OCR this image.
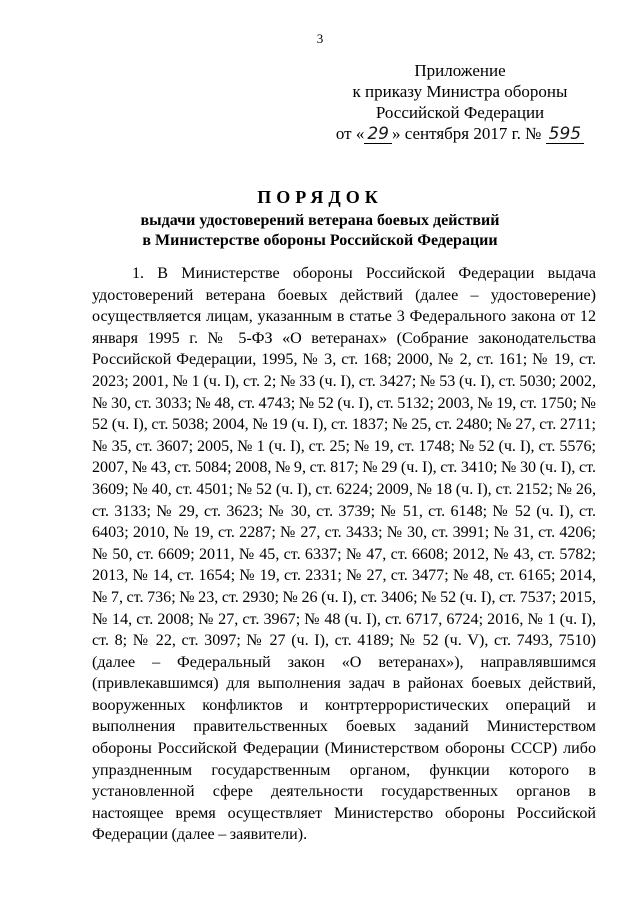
3
Приложение
к приказу Министра обороны
Российской Федерации
от « 29 » сентября 2017 г. № 595

ПОРЯДОК

выдачи удостоверений ветерана боевых действий
в Министерстве обороны Российской Федерации

1. В Министерстве обороны Российской Федерации выдача удостоверений ветерана боевых действий (далее – удостоверение) осуществляется лицам, указанным в статье 3 Федерального закона от 12 января 1995 г. № 5-ФЗ «О ветеранах» (Собрание законодательства Российской Федерации, 1995, № 3, ст. 168; 2000, № 2, ст. 161; № 19, ст. 2023; 2001, № 1 (ч. I), ст. 2; № 33 (ч. I), ст. 3427; № 53 (ч. I), ст. 5030; 2002, № 30, ст. 3033; № 48, ст. 4743; № 52 (ч. I), ст. 5132; 2003, № 19, ст. 1750; № 52 (ч. I), ст. 5038; 2004, № 19 (ч. I), ст. 1837; № 25, ст. 2480; № 27, ст. 2711; № 35, ст. 3607; 2005, № 1 (ч. I), ст. 25; № 19, ст. 1748; № 52 (ч. I), ст. 5576; 2007, № 43, ст. 5084; 2008, № 9, ст. 817; № 29 (ч. I), ст. 3410; № 30 (ч. I), ст. 3609; № 40, ст. 4501; № 52 (ч. I), ст. 6224; 2009, № 18 (ч. I), ст. 2152; № 26, ст. 3133; № 29, ст. 3623; № 30, ст. 3739; № 51, ст. 6148; № 52 (ч. I), ст. 6403; 2010, № 19, ст. 2287; № 27, ст. 3433; № 30, ст. 3991; № 31, ст. 4206; № 50, ст. 6609; 2011, № 45, ст. 6337; № 47, ст. 6608; 2012, № 43, ст. 5782; 2013, № 14, ст. 1654; № 19, ст. 2331; № 27, ст. 3477; № 48, ст. 6165; 2014, № 7, ст. 736; № 23, ст. 2930; № 26 (ч. I), ст. 3406; № 52 (ч. I), ст. 7537; 2015, № 14, ст. 2008; № 27, ст. 3967; № 48 (ч. I), ст. 6717, 6724; 2016, № 1 (ч. I), ст. 8; № 22, ст. 3097; № 27 (ч. I), ст. 4189; № 52 (ч. V), ст. 7493, 7510) (далее – Федеральный закон «О ветеранах»), направлявшимся (привлекавшимся) для выполнения задач в районах боевых действий, вооруженных конфликтов и контртеррористических операций и выполнения правительственных боевых заданий Министерством обороны Российской Федерации (Министерством обороны СССР) либо упраздненным государственным органом, функции которого в установленной сфере деятельности государственных органов в настоящее время осуществляет Министерство обороны Российской Федерации (далее – заявители).
